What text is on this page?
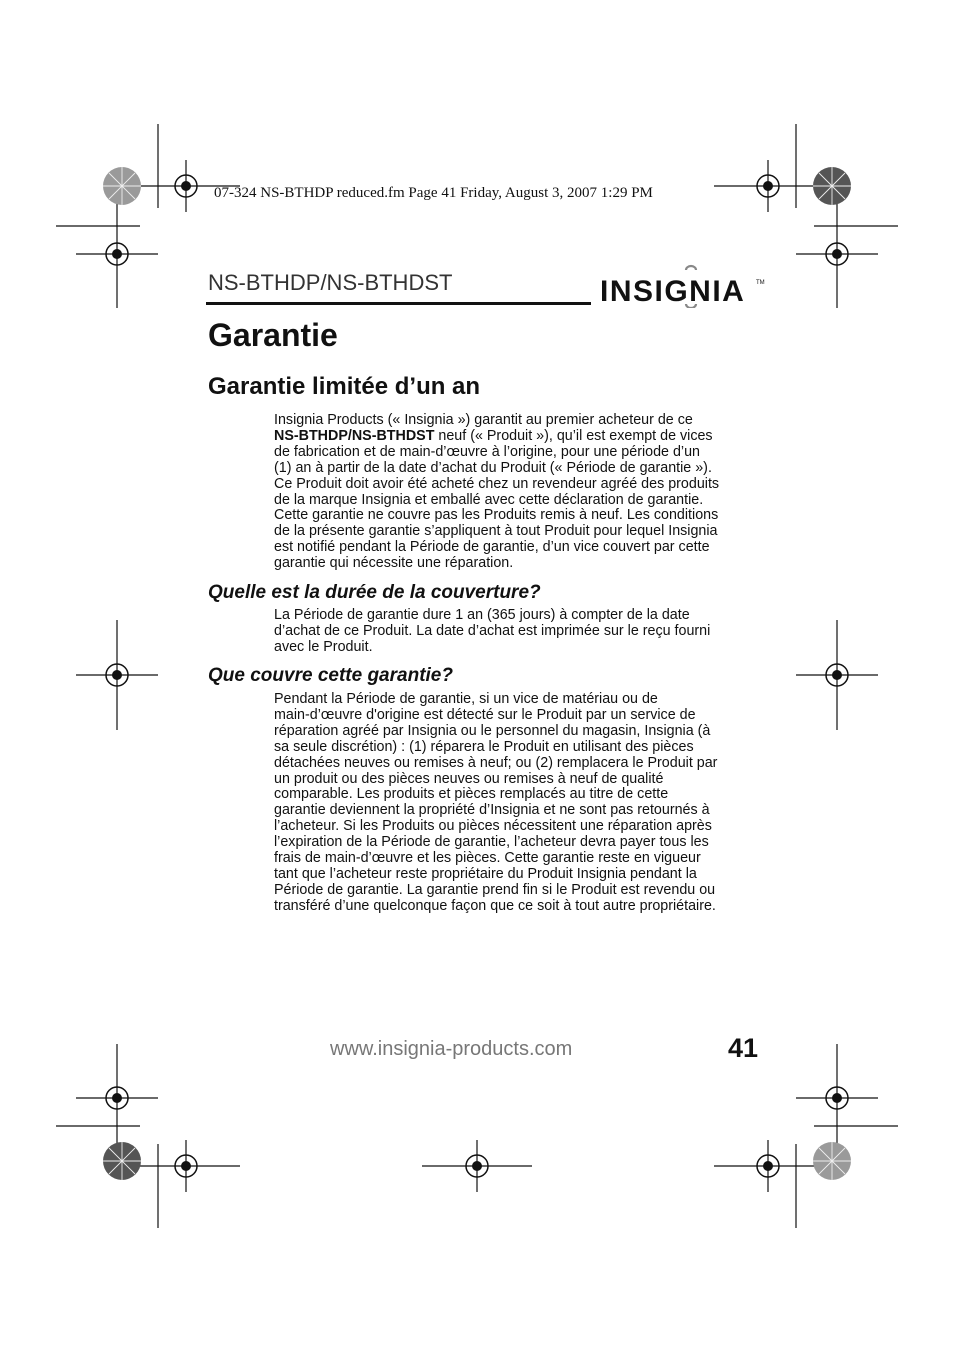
07-324 NS-BTHDP reduced.fm Page 41 Friday, August 3, 2007 1:29 PM
NS-BTHDP/NS-BTHDST	INSIGNIA TM
Garantie
Garantie limitée d’un an

Insignia Products (« Insignia ») garantit au premier acheteur de ce
NS-BTHDP/NS-BTHDST neuf (« Produit »), qu’il est exempt de vices
de fabrication et de main-d’œuvre à l’origine, pour une période d’un
(1) an à partir de la date d’achat du Produit (« Période de garantie »).
Ce Produit doit avoir été acheté chez un revendeur agréé des produits
de la marque Insignia et emballé avec cette déclaration de garantie.
Cette garantie ne couvre pas les Produits remis à neuf. Les conditions
de la présente garantie s’appliquent à tout Produit pour lequel Insignia
est notifié pendant la Période de garantie, d’un vice couvert par cette
garantie qui nécessite une réparation.

Quelle est la durée de la couverture?

La Période de garantie dure 1 an (365 jours) à compter de la date
d’achat de ce Produit. La date d’achat est imprimée sur le reçu fourni
avec le Produit.

Que couvre cette garantie?

Pendant la Période de garantie, si un vice de matériau ou de
main-d’œuvre d'origine est détecté sur le Produit par un service de
réparation agréé par Insignia ou le personnel du magasin, Insignia (à
sa seule discrétion) : (1) réparera le Produit en utilisant des pièces
détachées neuves ou remises à neuf; ou (2) remplacera le Produit par
un produit ou des pièces neuves ou remises à neuf de qualité
comparable. Les produits et pièces remplacés au titre de cette
garantie deviennent la propriété d’Insignia et ne sont pas retournés à
l’acheteur. Si les Produits ou pièces nécessitent une réparation après
l’expiration de la Période de garantie, l’acheteur devra payer tous les
frais de main-d’œuvre et les pièces. Cette garantie reste en vigueur
tant que l’acheteur reste propriétaire du Produit Insignia pendant la
Période de garantie. La garantie prend fin si le Produit est revendu ou
transféré d’une quelconque façon que ce soit à tout autre propriétaire.

www.insignia-products.com	41
